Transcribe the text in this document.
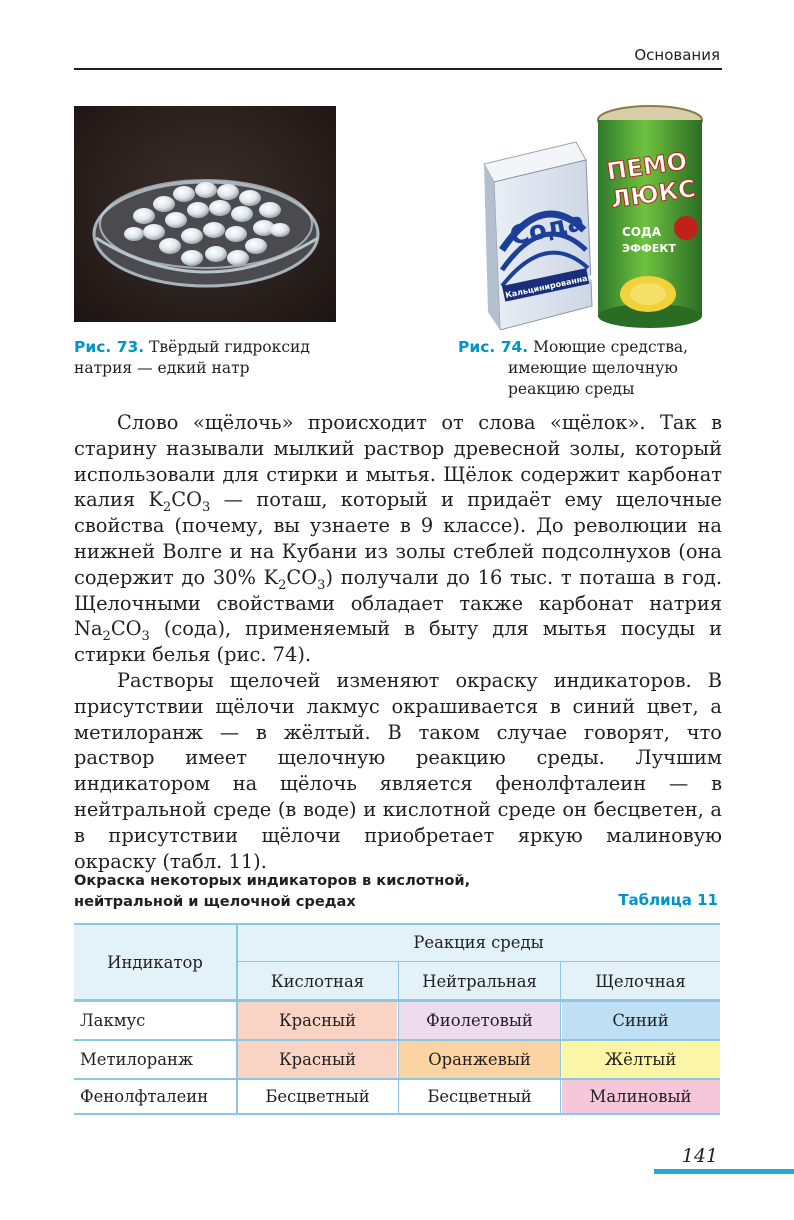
Основания
Сода
Кальцинированная
ПЕМО
ЛЮКС
СОДА
ЭФФЕКТ
Рис. 73. Твёрдый гидроксид
натрия — едкий натр
Рис. 74. Моющие средства,
имеющие щелочную
реакцию среды

Слово «щёлочь» происходит от слова «щёлок». Так в старину называли мылкий раствор древесной золы, который использовали для стирки и мытья. Щёлок содержит карбонат калия $K_2CO_3$ — поташ, который и придаёт ему щелочные свойства (почему, вы узнаете в 9 классе). До революции на нижней Волге и на Кубани из золы стеблей подсолнухов (она содержит до 30% $K_2CO_3$) получали до 16 тыс. т поташа в год. Щелочными свойствами обладает также карбонат натрия $Na_2CO_3$ (сода), применяемый в быту для мытья посуды и стирки белья (рис. 74).

Растворы щелочей изменяют окраску индикаторов. В присутствии щёлочи лакмус окрашивается в синий цвет, а метилоранж — в жёлтый. В таком случае говорят, что раствор имеет щелочную реакцию среды. Лучшим индикатором на щёлочь является фенолфталеин — в нейтральной среде (в воде) и кислотной среде он бесцветен, а в присутствии щёлочи приобретает яркую малиновую окраску (табл. 11).

Окраска некоторых индикаторов в кислотной,
нейтральной и щелочной средах	Таблица 11
Индикатор
Реакция среды
Кислотная	Нейтральная	Щелочная
Лакмус	Красный	Фиолетовый	Синий
Метилоранж	Красный	Оранжевый	Жёлтый
Фенолфталеин	Бесцветный	Бесцветный	Малиновый
141
